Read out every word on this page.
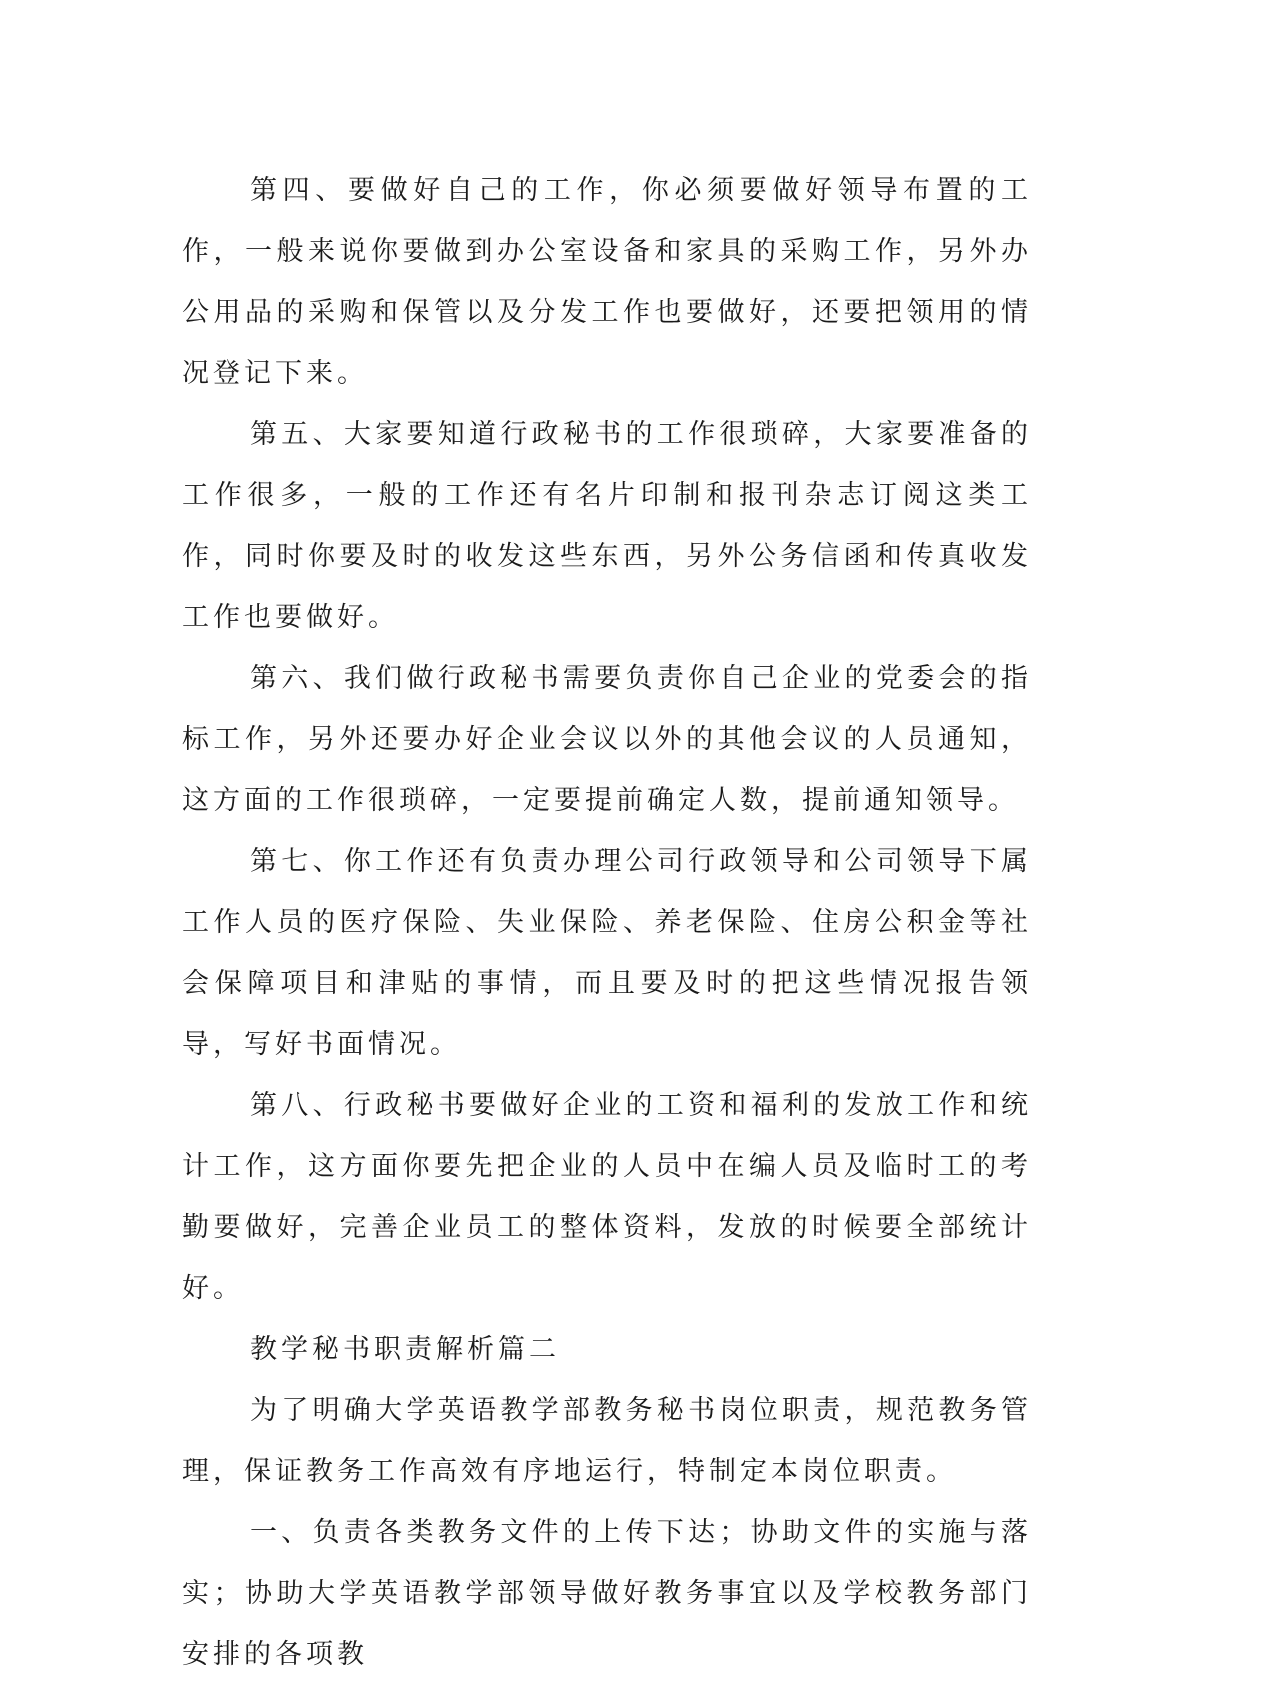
第四、要做好自己的工作，你必须要做好领导布置的工作，一般来说你要做到办公室设备和家具的采购工作，另外办公用品的采购和保管以及分发工作也要做好，还要把领用的情况登记下来。

第五、大家要知道行政秘书的工作很琐碎，大家要准备的工作很多，一般的工作还有名片印制和报刊杂志订阅这类工作，同时你要及时的收发这些东西，另外公务信函和传真收发工作也要做好。

第六、我们做行政秘书需要负责你自己企业的党委会的指标工作，另外还要办好企业会议以外的其他会议的人员通知，这方面的工作很琐碎，一定要提前确定人数，提前通知领导。

第七、你工作还有负责办理公司行政领导和公司领导下属工作人员的医疗保险、失业保险、养老保险、住房公积金等社会保障项目和津贴的事情，而且要及时的把这些情况报告领导，写好书面情况。

第八、行政秘书要做好企业的工资和福利的发放工作和统计工作，这方面你要先把企业的人员中在编人员及临时工的考勤要做好，完善企业员工的整体资料，发放的时候要全部统计好。

教学秘书职责解析篇二

为了明确大学英语教学部教务秘书岗位职责，规范教务管理，保证教务工作高效有序地运行，特制定本岗位职责。

一、负责各类教务文件的上传下达；协助文件的实施与落实；协助大学英语教学部领导做好教务事宜以及学校教务部门安排的各项教
